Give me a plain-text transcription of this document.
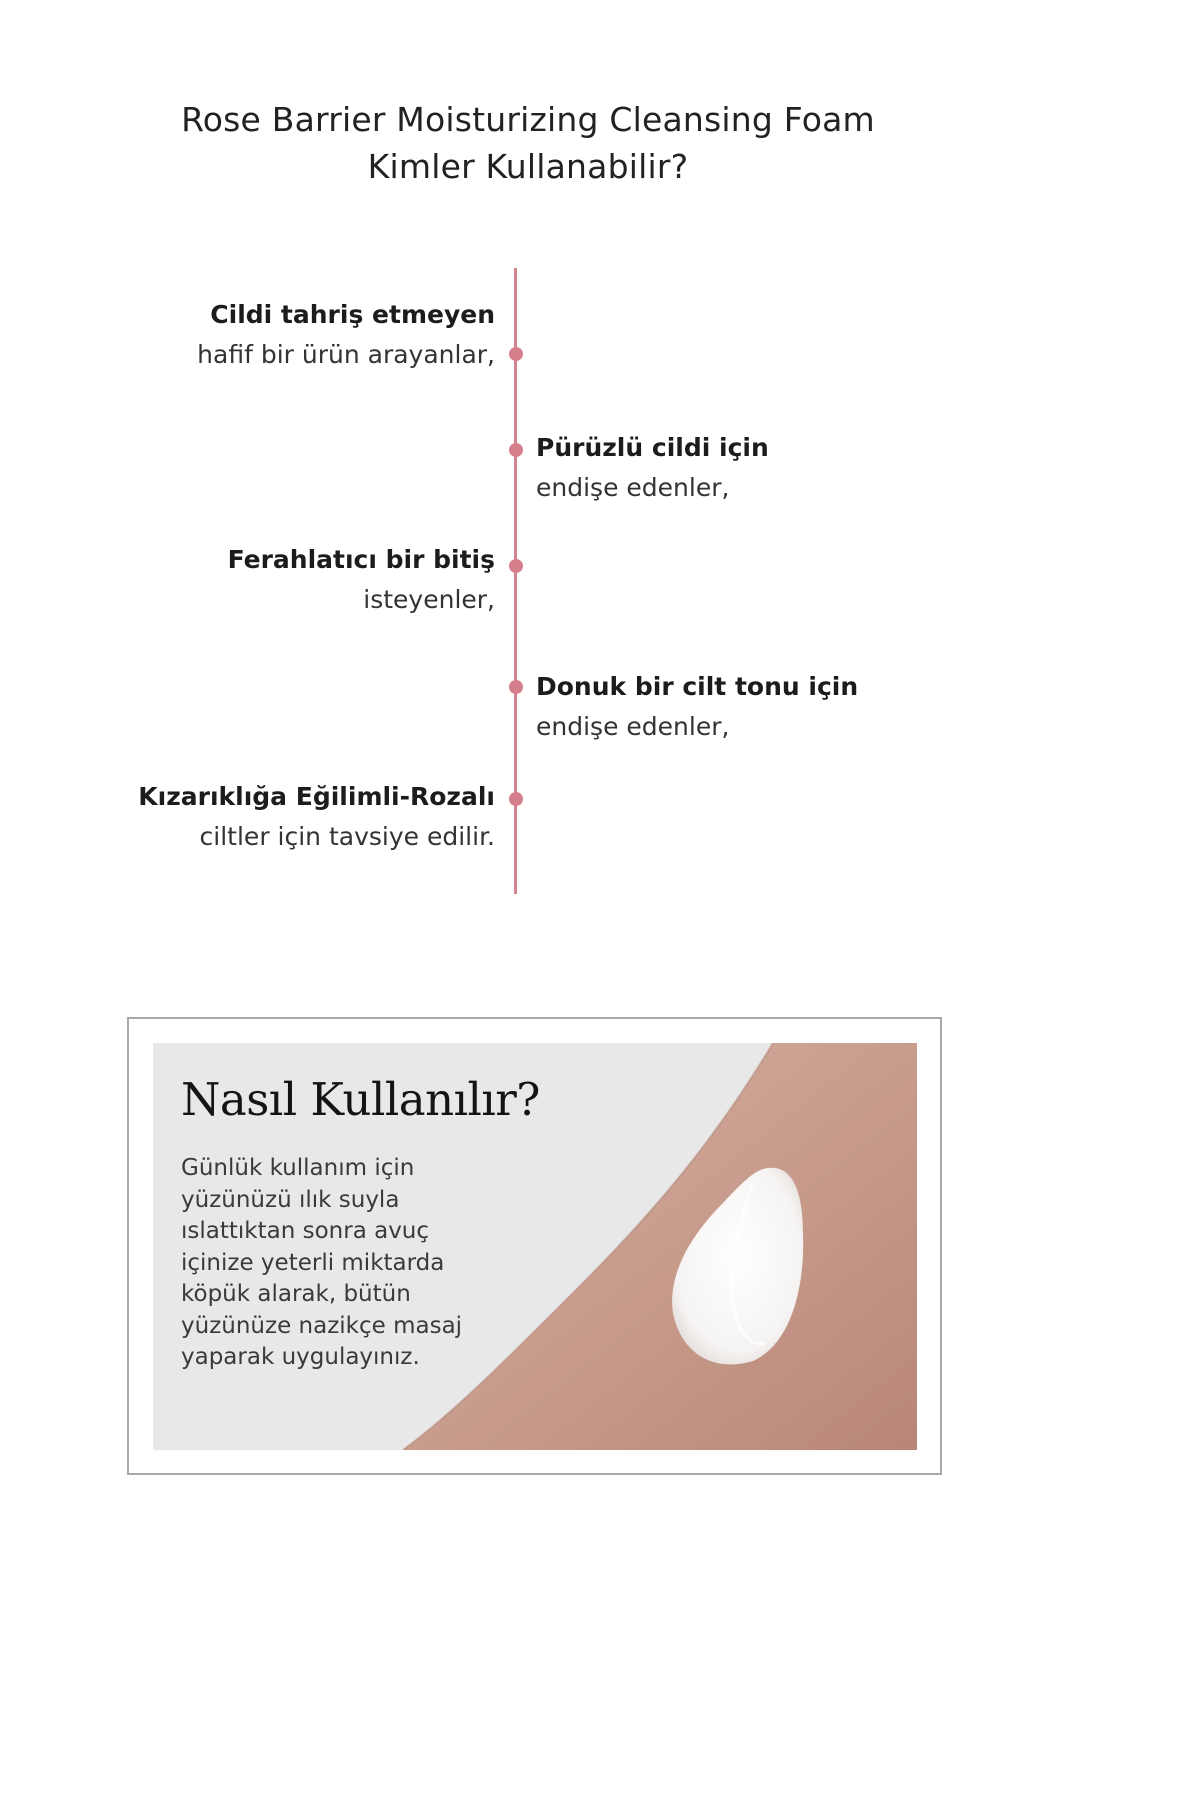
Rose Barrier Moisturizing Cleansing Foam
Kimler Kullanabilir?
Cildi tahriş etmeyen
hafif bir ürün arayanlar,
Pürüzlü cildi için
endişe edenler,
Ferahlatıcı bir bitiş
isteyenler,
Donuk bir cilt tonu için
endişe edenler,
Kızarıklığa Eğilimli-Rozalı
ciltler için tavsiye edilir.
Nasıl Kullanılır?
Günlük kullanım için
yüzünüzü ılık suyla
ıslattıktan sonra avuç
içinize yeterli miktarda
köpük alarak, bütün
yüzünüze nazikçe masaj
yaparak uygulayınız.
